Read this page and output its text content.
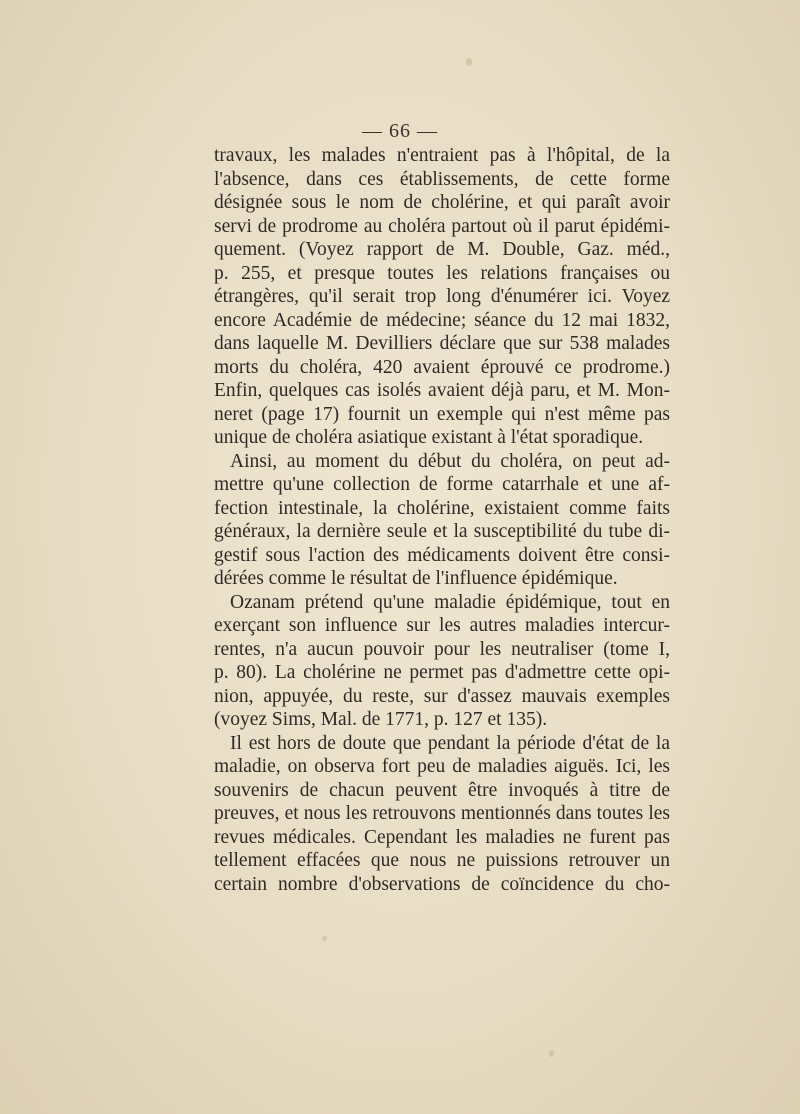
— 66 —
travaux, les malades n'entraient pas à l'hôpital, de la
l'absence, dans ces établissements, de cette forme
désignée sous le nom de cholérine, et qui paraît avoir
servi de prodrome au choléra partout où il parut épidémi-
quement. (Voyez rapport de M. Double, Gaz. méd.,
p. 255, et presque toutes les relations françaises ou
étrangères, qu'il serait trop long d'énumérer ici. Voyez
encore Académie de médecine; séance du 12 mai 1832,
dans laquelle M. Devilliers déclare que sur 538 malades
morts du choléra, 420 avaient éprouvé ce prodrome.)
Enfin, quelques cas isolés avaient déjà paru, et M. Mon-
neret (page 17) fournit un exemple qui n'est même pas
unique de choléra asiatique existant à l'état sporadique.
Ainsi, au moment du début du choléra, on peut ad-
mettre qu'une collection de forme catarrhale et une af-
fection intestinale, la cholérine, existaient comme faits
généraux, la dernière seule et la susceptibilité du tube di-
gestif sous l'action des médicaments doivent être consi-
dérées comme le résultat de l'influence épidémique.
Ozanam prétend qu'une maladie épidémique, tout en
exerçant son influence sur les autres maladies intercur-
rentes, n'a aucun pouvoir pour les neutraliser (tome I,
p. 80). La cholérine ne permet pas d'admettre cette opi-
nion, appuyée, du reste, sur d'assez mauvais exemples
(voyez Sims, Mal. de 1771, p. 127 et 135).
Il est hors de doute que pendant la période d'état de la
maladie, on observa fort peu de maladies aiguës. Ici, les
souvenirs de chacun peuvent être invoqués à titre de
preuves, et nous les retrouvons mentionnés dans toutes les
revues médicales. Cependant les maladies ne furent pas
tellement effacées que nous ne puissions retrouver un
certain nombre d'observations de coïncidence du cho-
